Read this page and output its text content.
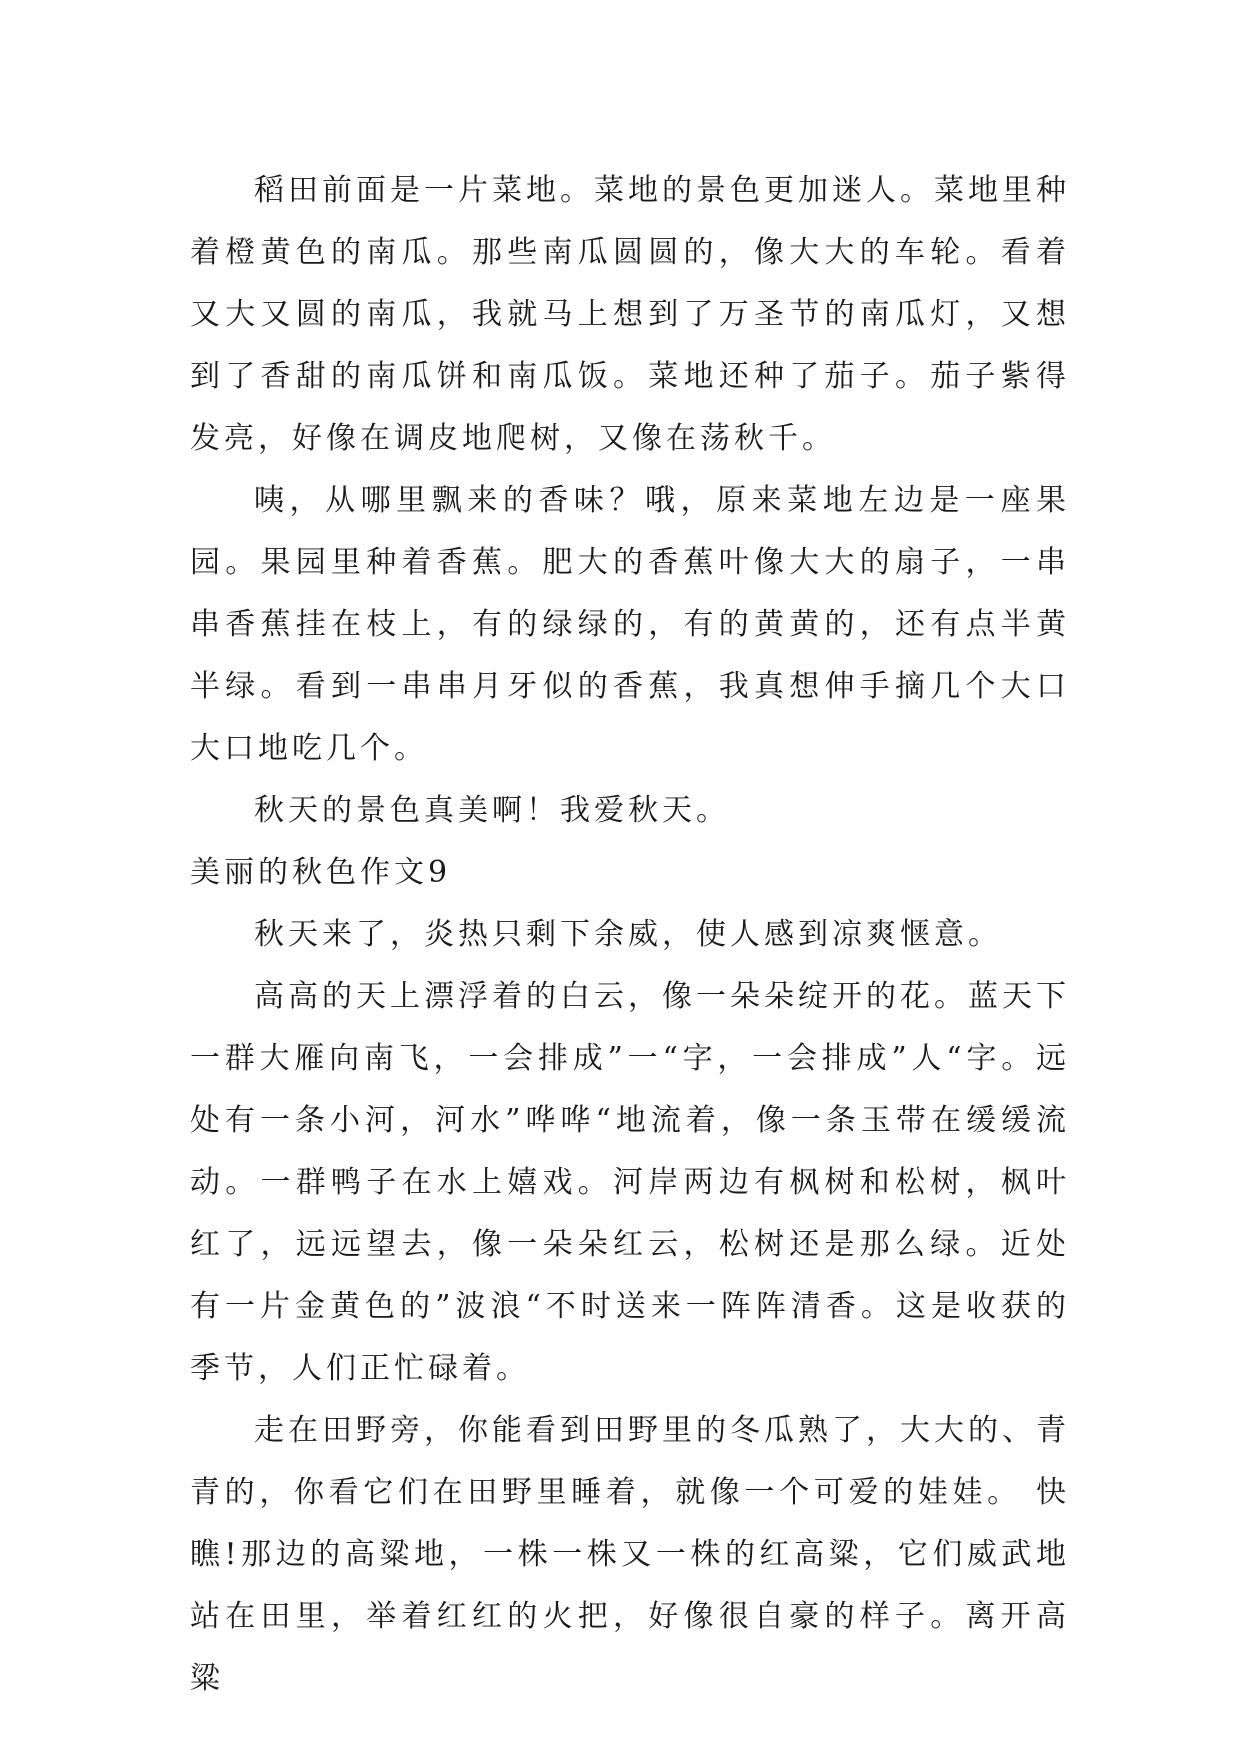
稻田前面是一片菜地。菜地的景色更加迷人。菜地里种着橙黄色的南瓜。那些南瓜圆圆的，像大大的车轮。看着又大又圆的南瓜，我就马上想到了万圣节的南瓜灯，又想到了香甜的南瓜饼和南瓜饭。菜地还种了茄子。茄子紫得发亮，好像在调皮地爬树，又像在荡秋千。

咦，从哪里飘来的香味？哦，原来菜地左边是一座果园。果园里种着香蕉。肥大的香蕉叶像大大的扇子，一串串香蕉挂在枝上，有的绿绿的，有的黄黄的，还有点半黄半绿。看到一串串月牙似的香蕉，我真想伸手摘几个大口大口地吃几个。

秋天的景色真美啊！我爱秋天。

美丽的秋色作文9

秋天来了，炎热只剩下余威，使人感到凉爽惬意。

高高的天上漂浮着的白云，像一朵朵绽开的花。蓝天下一群大雁向南飞，一会排成”一“字，一会排成”人“字。远处有一条小河，河水”哗哗“地流着，像一条玉带在缓缓流动。一群鸭子在水上嬉戏。河岸两边有枫树和松树，枫叶红了，远远望去，像一朵朵红云，松树还是那么绿。近处有一片金黄色的”波浪“不时送来一阵阵清香。这是收获的季节，人们正忙碌着。

走在田野旁，你能看到田野里的冬瓜熟了，大大的、青青的，你看它们在田野里睡着，就像一个可爱的娃娃。 快瞧!那边的高粱地，一株一株又一株的红高粱，它们威武地站在田里，举着红红的火把，好像很自豪的样子。离开高粱
